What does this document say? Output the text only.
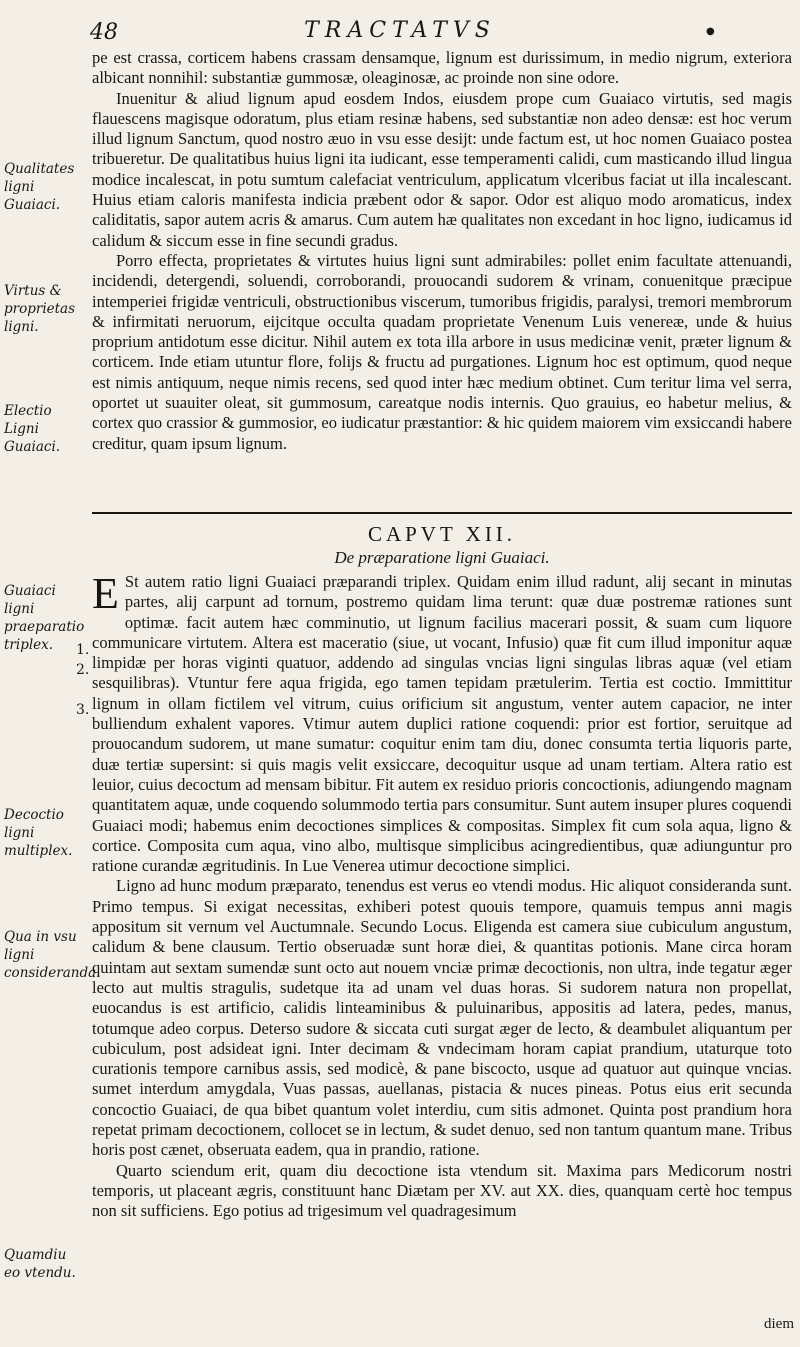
48	TRACTATVS	●

pe est crassa, corticem habens crassam densamque, lignum est durissimum, in medio nigrum, exteriora albicant nonnihil: substantiæ gummosæ, oleaginosæ, ac proinde non sine odore.

Inuenitur & aliud lignum apud eosdem Indos, eiusdem prope cum Guaiaco virtutis, sed magis flauescens magisque odoratum, plus etiam resinæ habens, sed substantiæ non adeo densæ: est hoc verum illud lignum Sanctum, quod nostro æuo in vsu esse desijt: unde factum est, ut hoc nomen Guaiaco postea tribueretur. De qualitatibus huius ligni ita iudicant, esse temperamenti calidi, cum masticando illud lingua modice incalescat, in potu sumtum calefaciat ventriculum, applicatum vlceribus faciat ut illa incalescant. Huius etiam caloris manifesta indicia præbent odor & sapor. Odor est aliquo modo aromaticus, index caliditatis, sapor autem acris & amarus. Cum autem hæ qualitates non excedant in hoc ligno, iudicamus id calidum & siccum esse in fine secundi gradus.

Porro effecta, proprietates & virtutes huius ligni sunt admirabiles: pollet enim facultate attenuandi, incidendi, detergendi, soluendi, corroborandi, prouocandi sudorem & vrinam, conuenitque præcipue intemperiei frigidæ ventriculi, obstructionibus viscerum, tumoribus frigidis, paralysi, tremori membrorum & infirmitati neruorum, eijcitque occulta quadam proprietate Venenum Luis venereæ, unde & huius proprium antidotum esse dicitur. Nihil autem ex tota illa arbore in usus medicinæ venit, præter lignum & corticem. Inde etiam utuntur flore, folijs & fructu ad purgationes. Lignum hoc est optimum, quod neque est nimis antiquum, neque nimis recens, sed quod inter hæc medium obtinet. Cum teritur lima vel serra, oportet ut suauiter oleat, sit gummosum, careatque nodis internis. Quo grauius, eo habetur melius, & cortex quo crassior & gummosior, eo iudicatur præstantior: & hic quidem maiorem vim exsiccandi habere creditur, quam ipsum lignum.

Qualitates ligni Guaiaci.
Virtus & proprietas ligni.
Electio Ligni Guaiaci.
CAPVT XII.
De præparatione ligni Guaiaci.

E St autem ratio ligni Guaiaci præparandi triplex. Quidam enim illud radunt, alij secant in minutas partes, alij carpunt ad tornum, postremo quidam lima terunt: quæ duæ postremæ rationes sunt optimæ. facit autem hæc comminutio, ut lignum facilius macerari possit, & suam cum liquore communicare virtutem. Altera est maceratio (siue, ut vocant, Infusio) quæ fit cum illud imponitur aquæ limpidæ per horas viginti quatuor, addendo ad singulas vncias ligni singulas libras aquæ (vel etiam sesquilibras). Vtuntur fere aqua frigida, ego tamen tepidam prætulerim. Tertia est coctio. Immittitur lignum in ollam fictilem vel vitrum, cuius orificium sit angustum, venter autem capacior, ne inter bulliendum exhalent vapores. Vtimur autem duplici ratione coquendi: prior est fortior, seruitque ad prouocandum sudorem, ut mane sumatur: coquitur enim tam diu, donec consumta tertia liquoris parte, duæ tertiæ supersint: si quis magis velit exsiccare, decoquitur usque ad unam tertiam. Altera ratio est leuior, cuius decoctum ad mensam bibitur. Fit autem ex residuo prioris concoctionis, adiungendo magnam quantitatem aquæ, unde coquendo solummodo tertia pars consumitur. Sunt autem insuper plures coquendi Guaiaci modi; habemus enim decoctiones simplices & compositas. Simplex fit cum sola aqua, ligno & cortice. Composita cum aqua, vino albo, multisque simplicibus acingredientibus, quæ adiunguntur pro ratione curandæ ægritudinis. In Lue Venerea utimur decoctione simplici.

Ligno ad hunc modum præparato, tenendus est verus eo vtendi modus. Hic aliquot consideranda sunt. Primo tempus. Si exigat necessitas, exhiberi potest quouis tempore, quamuis tempus anni magis appositum sit vernum vel Auctumnale. Secundo Locus. Eligenda est camera siue cubiculum angustum, calidum & bene clausum. Tertio obseruadæ sunt horæ diei, & quantitas potionis. Mane circa horam quintam aut sextam sumendæ sunt octo aut nouem vnciæ primæ decoctionis, non ultra, inde tegatur æger lecto aut multis stragulis, sudetque ita ad unam vel duas horas. Si sudorem natura non propellat, euocandus is est artificio, calidis linteaminibus & puluinaribus, appositis ad latera, pedes, manus, totumque adeo corpus. Deterso sudore & siccata cuti surgat æger de lecto, & deambulet aliquantum per cubiculum, post adsideat igni. Inter decimam & vndecimam horam capiat prandium, utaturque toto curationis tempore carnibus assis, sed modicè, & pane biscocto, usque ad quatuor aut quinque vncias. sumet interdum amygdala, Vuas passas, auellanas, pistacia & nuces pineas. Potus eius erit secunda concoctio Guaiaci, de qua bibet quantum volet interdiu, cum sitis admonet. Quinta post prandium hora repetat primam decoctionem, collocet se in lectum, & sudet denuo, sed non tantum quantum mane. Tribus horis post cænet, obseruata eadem, qua in prandio, ratione.

Quarto sciendum erit, quam diu decoctione ista vtendum sit. Maxima pars Medicorum nostri temporis, ut placeant ægris, constituunt hanc Diætam per XV. aut XX. dies, quanquam certè hoc tempus non sit sufficiens. Ego potius ad trigesimum vel quadragesimum

Guaiaci ligni praeparatio triplex.	1.
2.
3.
Decoctio ligni multiplex.
Qua in vsu ligni consideranda.
Quamdiu eo vtendu.
diem
